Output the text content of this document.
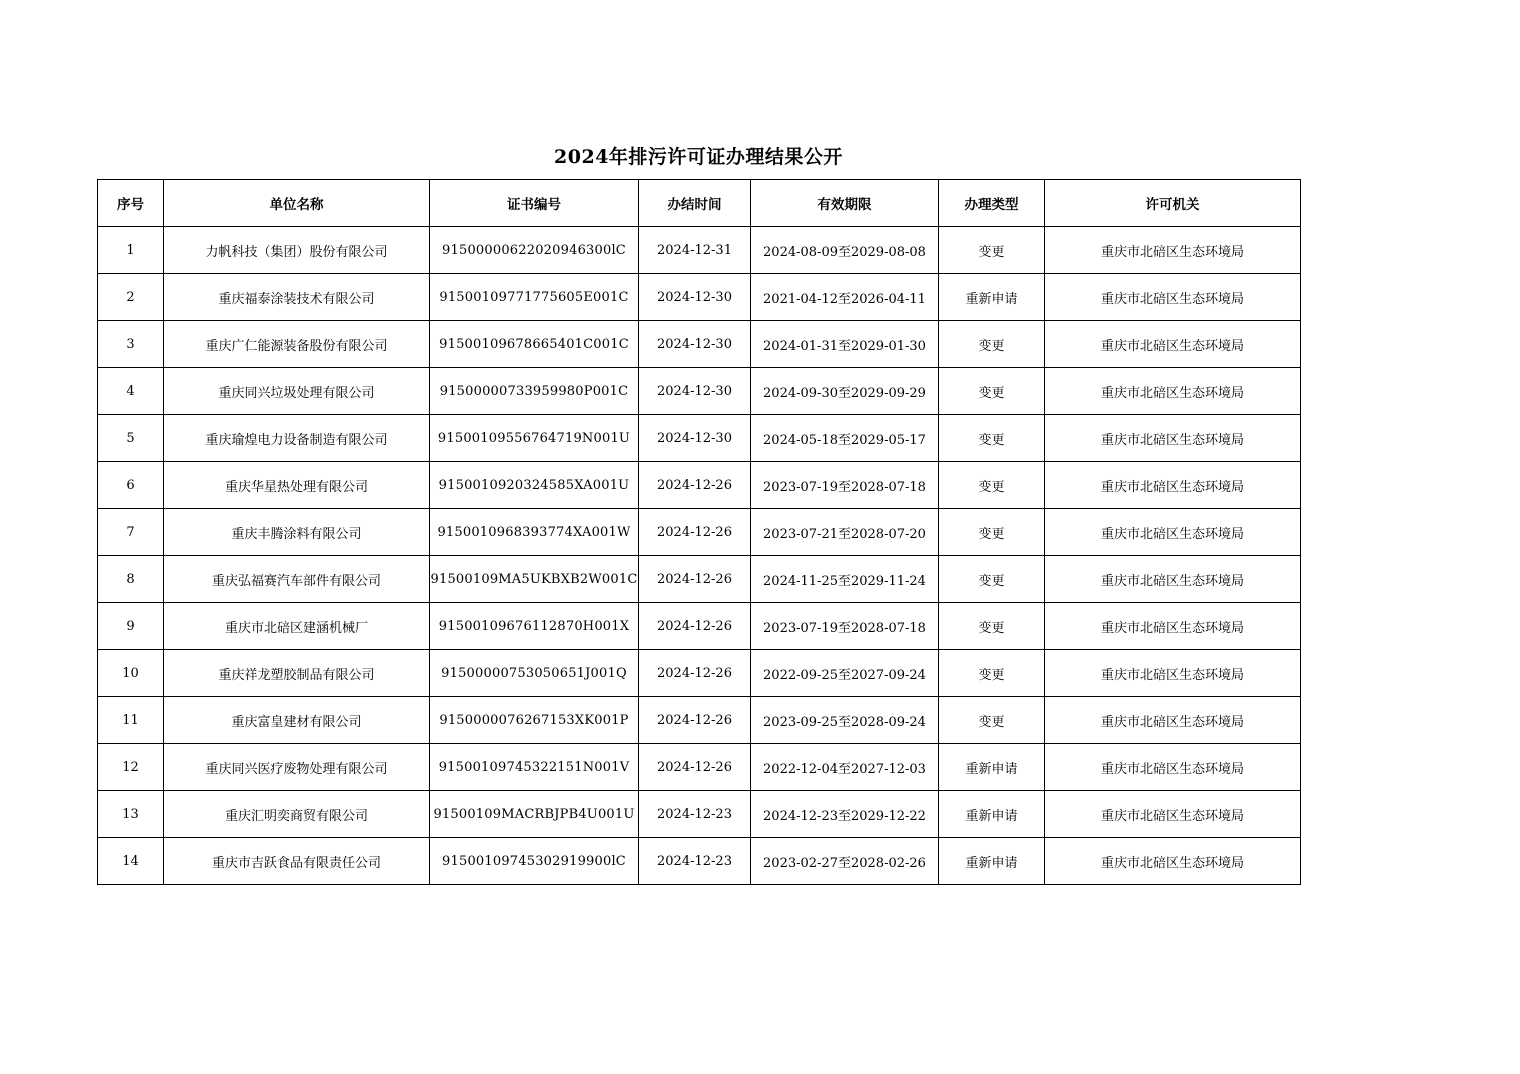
2024年排污许可证办理结果公开
序号	单位名称	证书编号	办结时间	有效期限	办理类型	许可机关
1	力帆科技（集团）股份有限公司	91500000622020946300lC	2024-12-31	2024-08-09至2029-08-08	变更	重庆市北碚区生态环境局
2	重庆福泰涂装技术有限公司	91500109771775605E001C	2024-12-30	2021-04-12至2026-04-11	重新申请	重庆市北碚区生态环境局
3	重庆广仁能源装备股份有限公司	91500109678665401C001C	2024-12-30	2024-01-31至2029-01-30	变更	重庆市北碚区生态环境局
4	重庆同兴垃圾处理有限公司	91500000733959980P001C	2024-12-30	2024-09-30至2029-09-29	变更	重庆市北碚区生态环境局
5	重庆瑜煌电力设备制造有限公司	91500109556764719N001U	2024-12-30	2024-05-18至2029-05-17	变更	重庆市北碚区生态环境局
6	重庆华星热处理有限公司	9150010920324585XA001U	2024-12-26	2023-07-19至2028-07-18	变更	重庆市北碚区生态环境局
7	重庆丰腾涂料有限公司	9150010968393774XA001W	2024-12-26	2023-07-21至2028-07-20	变更	重庆市北碚区生态环境局
8	重庆弘福赛汽车部件有限公司	91500109MA5UKBXB2W001C	2024-12-26	2024-11-25至2029-11-24	变更	重庆市北碚区生态环境局
9	重庆市北碚区建涵机械厂	91500109676112870H001X	2024-12-26	2023-07-19至2028-07-18	变更	重庆市北碚区生态环境局
10	重庆祥龙塑胶制品有限公司	91500000753050651J001Q	2024-12-26	2022-09-25至2027-09-24	变更	重庆市北碚区生态环境局
11	重庆富皇建材有限公司	9150000076267153XK001P	2024-12-26	2023-09-25至2028-09-24	变更	重庆市北碚区生态环境局
12	重庆同兴医疗废物处理有限公司	91500109745322151N001V	2024-12-26	2022-12-04至2027-12-03	重新申请	重庆市北碚区生态环境局
13	重庆汇明奕商贸有限公司	91500109MACRBJPB4U001U	2024-12-23	2024-12-23至2029-12-22	重新申请	重庆市北碚区生态环境局
14	重庆市吉跃食品有限责任公司	91500109745302919900lC	2024-12-23	2023-02-27至2028-02-26	重新申请	重庆市北碚区生态环境局
